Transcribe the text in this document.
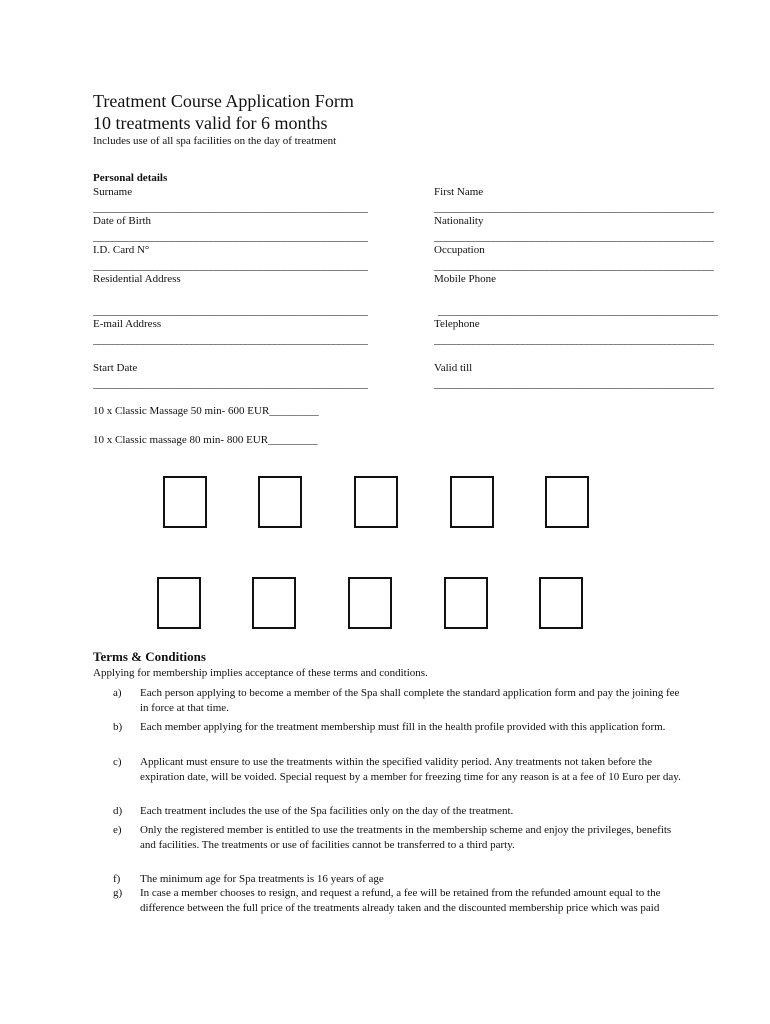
Treatment Course Application Form
10 treatments valid for 6 months
Includes use of all spa facilities on the day of treatment
Personal details
Surname	First Name
________________________________________________________	_________________________________________________________
Date of Birth	Nationality
________________________________________________________	_________________________________________________________
I.D. Card N°	Occupation
________________________________________________________	_________________________________________________________
Residential Address	Mobile Phone
________________________________________________________	_________________________________________________________
E-mail Address	Telephone
________________________________________________________	_________________________________________________________
Start Date	Valid till
________________________________________________________	_________________________________________________________
10 x Classic Massage 50 min- 600 EUR_________
10 x Classic massage 80 min- 800 EUR_________
Terms & Conditions
Applying for membership implies acceptance of these terms and conditions.
a) Each person applying to become a member of the Spa shall complete the standard application form and pay the joining fee in force at that time.
b) Each member applying for the treatment membership must fill in the health profile provided with this application form.
c) Applicant must ensure to use the treatments within the specified validity period. Any treatments not taken before the expiration date, will be voided. Special request by a member for freezing time for any reason is at a fee of 10 Euro per day.
d) Each treatment includes the use of the Spa facilities only on the day of the treatment.
e) Only the registered member is entitled to use the treatments in the membership scheme and enjoy the privileges, benefits and facilities. The treatments or use of facilities cannot be transferred to a third party.
f) The minimum age for Spa treatments is 16 years of age
g) In case a member chooses to resign, and request a refund, a fee will be retained from the refunded amount equal to the difference between the full price of the treatments already taken and the discounted membership price which was paid
